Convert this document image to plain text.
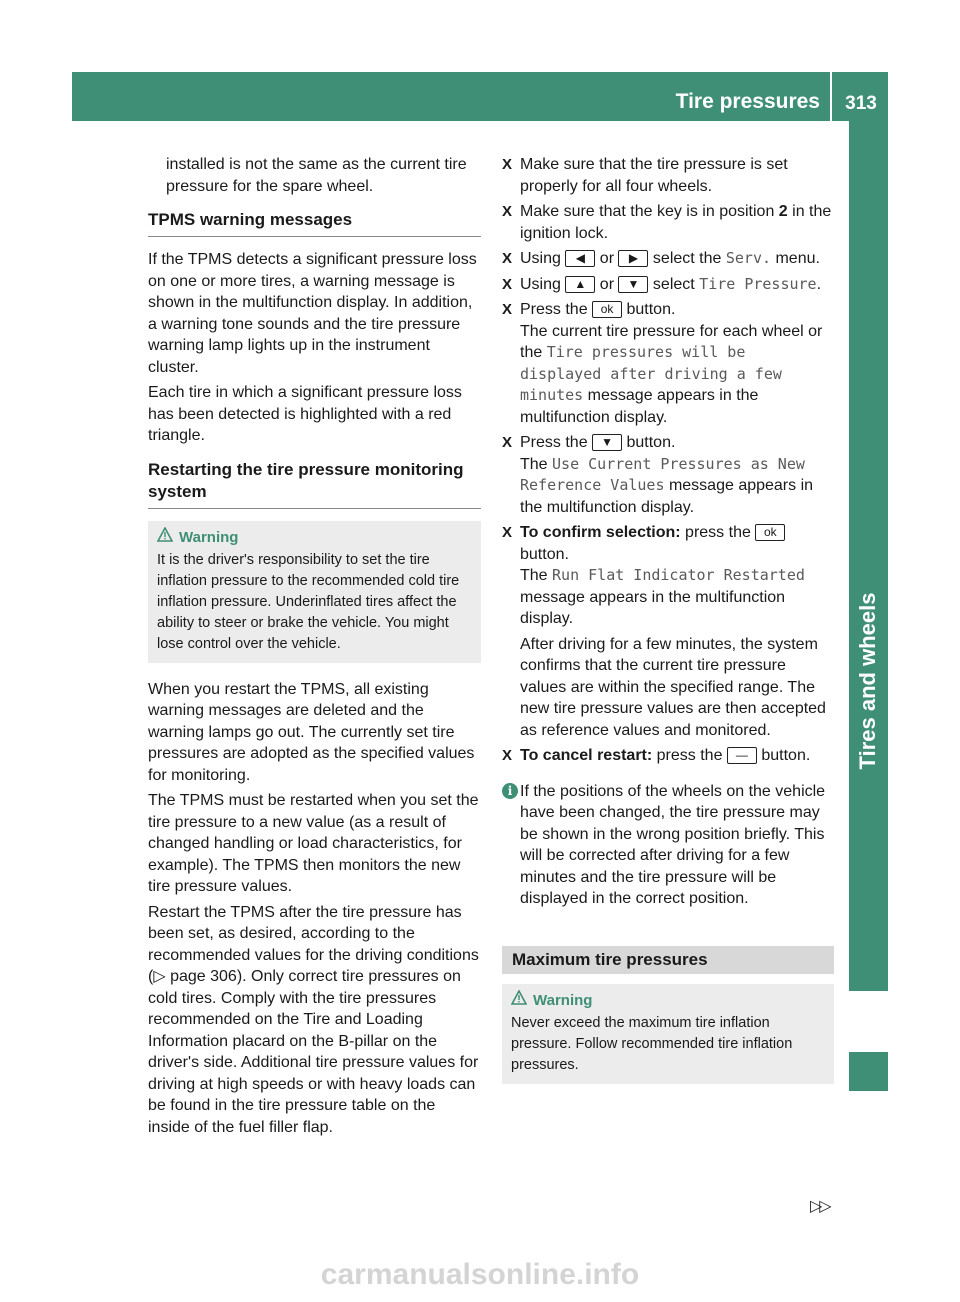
Tire pressures	313
Tires and wheels

installed is not the same as the current tire pressure for the spare wheel.

TPMS warning messages

If the TPMS detects a significant pressure loss on one or more tires, a warning message is shown in the multifunction display. In addition, a warning tone sounds and the tire pressure warning lamp lights up in the instrument cluster.

Each tire in which a significant pressure loss has been detected is highlighted with a red triangle.

Restarting the tire pressure monitoring system
Warning
It is the driver's responsibility to set the tire inflation pressure to the recommended cold tire inflation pressure. Underinflated tires affect the ability to steer or brake the vehicle. You might lose control over the vehicle.

When you restart the TPMS, all existing warning messages are deleted and the warning lamps go out. The currently set tire pressures are adopted as the specified values for monitoring.

The TPMS must be restarted when you set the tire pressure to a new value (as a result of changed handling or load characteristics, for example). The TPMS then monitors the new tire pressure values.

Restart the TPMS after the tire pressure has been set, as desired, according to the recommended values for the driving conditions (▷ page 306). Only correct tire pressures on cold tires. Comply with the tire pressures recommended on the Tire and Loading Information placard on the B-pillar on the driver's side. Additional tire pressure values for driving at high speeds or with heavy loads can be found in the tire pressure table on the inside of the fuel filler flap.

X Make sure that the tire pressure is set properly for all four wheels.
X Make sure that the key is in position 2 in the ignition lock.
X Using ◀ or ▶ select the Serv. menu.
X Using ▲ or ▼ select Tire Pressure.
X Press the ok button.
The current tire pressure for each wheel or the Tire pressures will be displayed after driving a few minutes message appears in the multifunction display.
X Press the ▼ button.
The Use Current Pressures as New Reference Values message appears in the multifunction display.
X To confirm selection: press the ok button.
The Run Flat Indicator Restarted message appears in the multifunction display.
After driving for a few minutes, the system confirms that the current tire pressure values are within the specified range. The new tire pressure values are then accepted as reference values and monitored.
X To cancel restart: press the — button.
i If the positions of the wheels on the vehicle have been changed, the tire pressure may be shown in the wrong position briefly. This will be corrected after driving for a few minutes and the tire pressure will be displayed in the correct position.
Maximum tire pressures
Warning
Never exceed the maximum tire inflation pressure. Follow recommended tire inflation pressures.
▷▷
carmanualsonline.info
